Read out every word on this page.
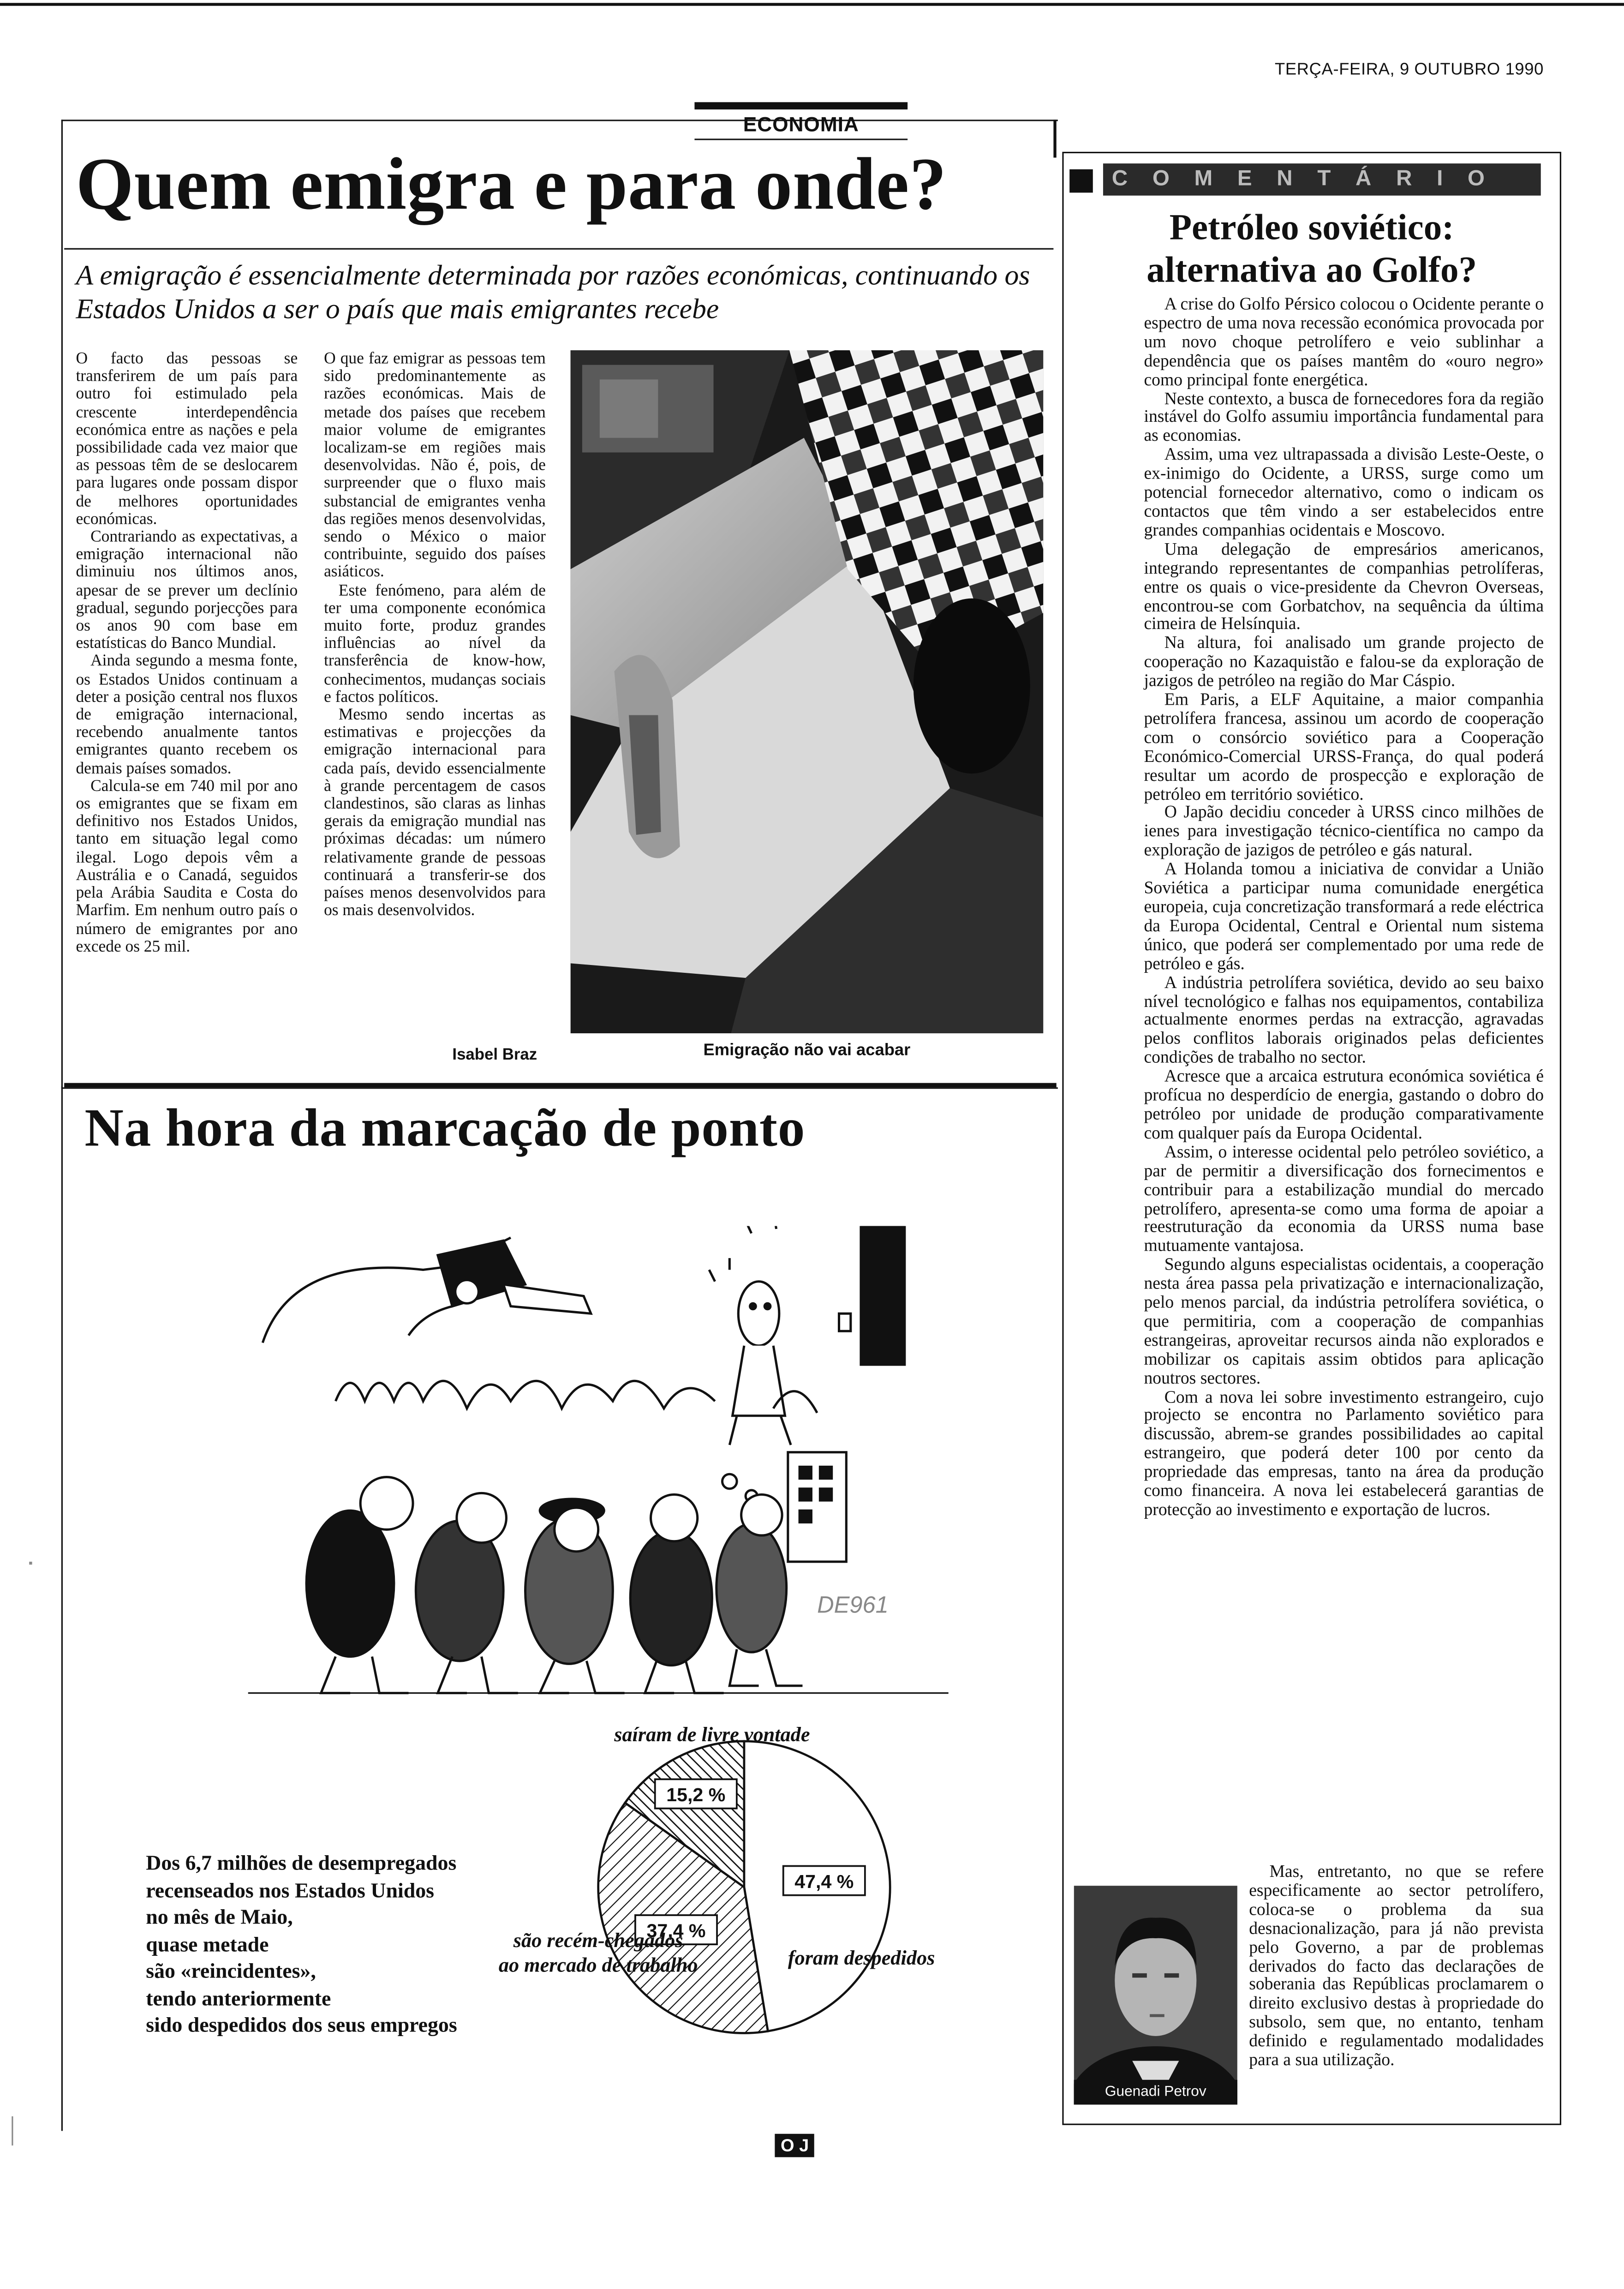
TERÇA-FEIRA, 9 OUTUBRO 1990
ECONOMIA
Quem emigra e para onde?
A emigração é essencialmente determinada por razões económicas, continuando os Estados Unidos a ser o país que mais emigrantes recebe

O facto das pessoas se transferirem de um país para outro foi estimulado pela crescente interdependência económica entre as nações e pela possibilidade cada vez maior que as pessoas têm de se deslocarem para lugares onde possam dispor de melhores oportunidades económicas.

Contrariando as expectativas, a emigração internacional não diminuiu nos últimos anos, apesar de se prever um declínio gradual, segundo porjecções para os anos 90 com base em estatísticas do Banco Mundial.

Ainda segundo a mesma fonte, os Estados Unidos continuam a deter a posição central nos fluxos de emigração internacional, recebendo anualmente tantos emigrantes quanto recebem os demais países somados.

Calcula-se em 740 mil por ano os emigrantes que se fixam em definitivo nos Estados Unidos, tanto em situação legal como ilegal. Logo depois vêm a Austrália e o Canadá, seguidos pela Arábia Saudita e Costa do Marfim. Em nenhum outro país o número de emigrantes por ano excede os 25 mil.

O que faz emigrar as pessoas tem sido predominantemente as razões económicas. Mais de metade dos países que recebem maior volume de emigrantes localizam-se em regiões mais desenvolvidas. Não é, pois, de surpreender que o fluxo mais substancial de emigrantes venha das regiões menos desenvolvidas, sendo o México o maior contribuinte, seguido dos países asiáticos.

Este fenómeno, para além de ter uma componente económica muito forte, produz grandes influências ao nível da transferência de know-how, conhecimentos, mudanças sociais e factos políticos.

Mesmo sendo incertas as estimativas e projecções da emigração internacional para cada país, devido essencialmente à grande percentagem de casos clandestinos, são claras as linhas gerais da emigração mundial nas próximas décadas: um número relativamente grande de pessoas continuará a transferir-se dos países menos desenvolvidos para os mais desenvolvidos.

Isabel Braz	Emigração não vai acabar
Na hora da marcação de ponto
DE961
15,2 %
47,4 %
37,4 %
saíram de livre vontade
são recém-chegados
ao mercado de trabalho	foram despedidos
Dos 6,7 milhões de desempregados
recenseados nos Estados Unidos
no mês de Maio,
quase metade
são «reincidentes»,
tendo anteriormente
sido despedidos dos seus empregos
COMENTÁRIO
Petróleo soviético:
alternativa ao Golfo?

A crise do Golfo Pérsico colocou o Ocidente perante o espectro de uma nova recessão económica provocada por um novo choque petrolífero e veio sublinhar a dependência que os países mantêm do «ouro negro» como principal fonte energética.

Neste contexto, a busca de fornecedores fora da região instável do Golfo assumiu importância fundamental para as economias.

Assim, uma vez ultrapassada a divisão Leste-Oeste, o ex-inimigo do Ocidente, a URSS, surge como um potencial fornecedor alternativo, como o indicam os contactos que têm vindo a ser estabelecidos entre grandes companhias ocidentais e Moscovo.

Uma delegação de empresários americanos, integrando representantes de companhias petrolíferas, entre os quais o vice-presidente da Chevron Overseas, encontrou-se com Gorbatchov, na sequência da última cimeira de Helsínquia.

Na altura, foi analisado um grande projecto de cooperação no Kazaquistão e falou-se da exploração de jazigos de petróleo na região do Mar Cáspio.

Em Paris, a ELF Aquitaine, a maior companhia petrolífera francesa, assinou um acordo de cooperação com o consórcio soviético para a Cooperação Económico-Comercial URSS-França, do qual poderá resultar um acordo de prospecção e exploração de petróleo em território soviético.

O Japão decidiu conceder à URSS cinco milhões de ienes para investigação técnico-científica no campo da exploração de jazigos de petróleo e gás natural.

A Holanda tomou a iniciativa de convidar a União Soviética a participar numa comunidade energética europeia, cuja concretização transformará a rede eléctrica da Europa Ocidental, Central e Oriental num sistema único, que poderá ser complementado por uma rede de petróleo e gás.

A indústria petrolífera soviética, devido ao seu baixo nível tecnológico e falhas nos equipamentos, contabiliza actualmente enormes perdas na extracção, agravadas pelos conflitos laborais originados pelas deficientes condições de trabalho no sector.

Acresce que a arcaica estrutura económica soviética é profícua no desperdício de energia, gastando o dobro do petróleo por unidade de produção comparativamente com qualquer país da Europa Ocidental.

Assim, o interesse ocidental pelo petróleo soviético, a par de permitir a diversificação dos fornecimentos e contribuir para a estabilização mundial do mercado petrolífero, apresenta-se como uma forma de apoiar a reestruturação da economia da URSS numa base mutuamente vantajosa.

Segundo alguns especialistas ocidentais, a cooperação nesta área passa pela privatização e internacionalização, pelo menos parcial, da indústria petrolífera soviética, o que permitiria, com a cooperação de companhias estrangeiras, aproveitar recursos ainda não explorados e mobilizar os capitais assim obtidos para aplicação noutros sectores.

Com a nova lei sobre investimento estrangeiro, cujo projecto se encontra no Parlamento soviético para discussão, abrem-se grandes possibilidades ao capital estrangeiro, que poderá deter 100 por cento da propriedade das empresas, tanto na área da produção como financeira. A nova lei estabelecerá garantias de protecção ao investimento e exportação de lucros.

Guenadi Petrov

Mas, entretanto, no que se refere especificamente ao sector petrolífero, coloca-se o problema da sua desnacionalização, para já não prevista pelo Governo, a par de problemas derivados do facto das declarações de soberania das Repúblicas proclamarem o direito exclusivo destas à propriedade do subsolo, sem que, no entanto, tenham definido e regulamentado modalidades para a sua utilização.

O J
